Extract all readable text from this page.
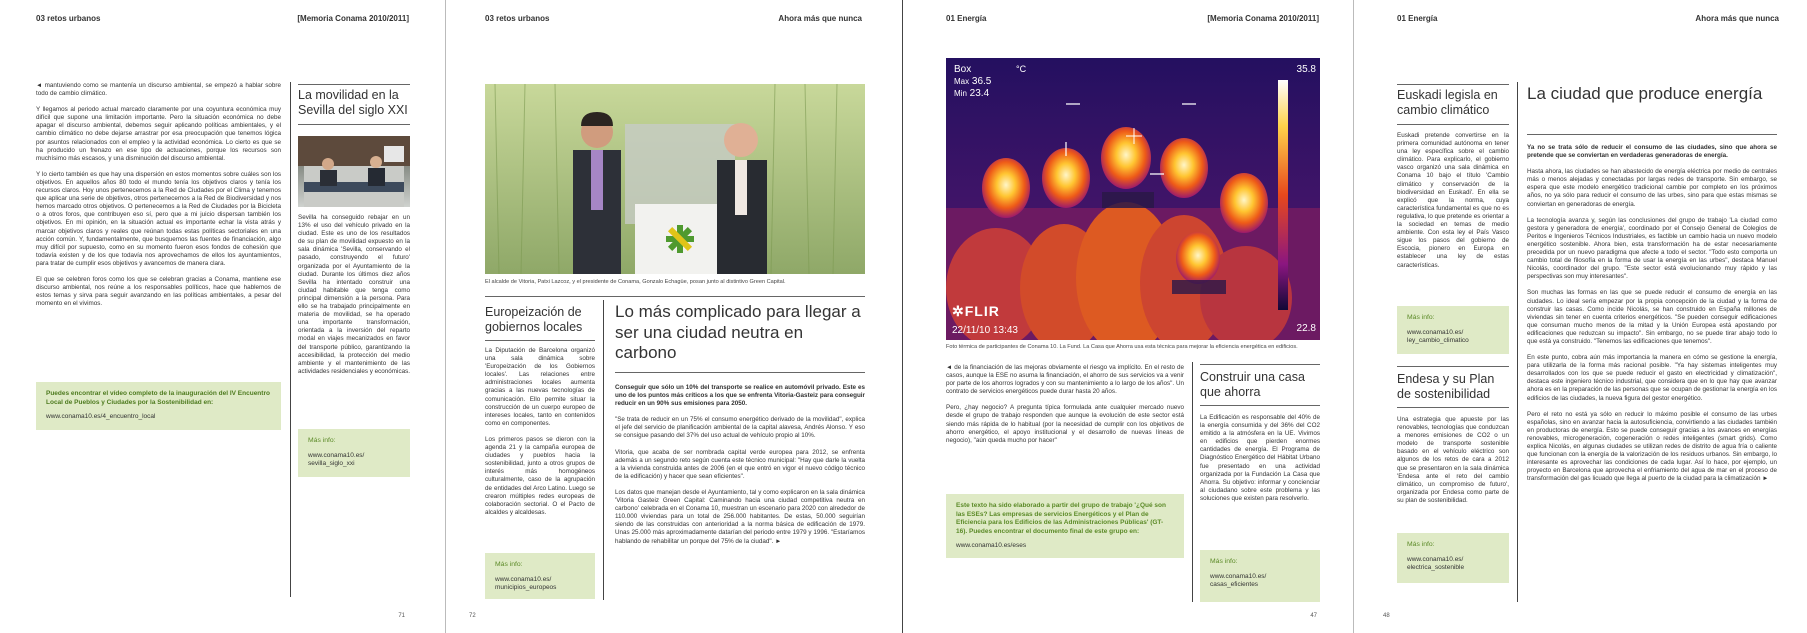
03 retos urbanos	[Memoria Conama 2010/2011]

◄ mantuviendo como se mantenía un discurso ambiental, se empezó a hablar sobre todo de cambio climático.

Y llegamos al periodo actual marcado claramente por una coyuntura económica muy difícil que supone una limitación importante. Pero la situación económica no debe apagar el discurso ambiental, debemos seguir aplicando políticas ambientales, y el cambio climático no debe dejarse arrastrar por esa preocupación que tenemos lógica por asuntos relacionados con el empleo y la actividad económica. Lo cierto es que se ha producido un frenazo en ese tipo de actuaciones, porque los recursos son muchísimo más escasos, y una disminución del discurso ambiental.

Y lo cierto también es que hay una dispersión en estos momentos sobre cuáles son los objetivos. En aquellos años 80 todo el mundo tenía los objetivos claros y tenía los recursos claros. Hoy unos pertenecemos a la Red de Ciudades por el Clima y tenemos que aplicar una serie de objetivos, otros pertenecemos a la Red de Biodiversidad y nos hemos marcado otros objetivos. O pertenecemos a la Red de Ciudades por la Bicicleta o a otros foros, que contribuyen eso sí, pero que a mi juicio dispersan también los objetivos. En mi opinión, en la situación actual es importante echar la vista atrás y marcar objetivos claros y reales que reúnan todas estas políticas sectoriales en una acción común. Y, fundamentalmente, que busquemos las fuentes de financiación, algo muy difícil por supuesto, como en su momento fueron esos fondos de cohesión que todavía existen y de los que todavía nos aprovechamos de ellos los ayuntamientos, para tratar de cumplir esos objetivos y avancemos de manera clara.

El que se celebren foros como los que se celebran gracias a Conama, mantiene ese discurso ambiental, nos reúne a los responsables políticos, hace que hablemos de estos temas y sirva para seguir avanzando en las políticas ambientales, a pesar del momento en el vivimos.

Puedes encontrar el vídeo completo de la inauguración del IV Encuentro Local de Pueblos y Ciudades por la Sostenibilidad en:
www.conama10.es/4_encuentro_local
La movilidad en la Sevilla del siglo XXI
Sevilla ha conseguido rebajar en un 13% el uso del vehículo privado en la ciudad. Este es uno de los resultados de su plan de movilidad expuesto en la sala dinámica 'Sevilla, conservando el pasado, construyendo el futuro' organizada por el Ayuntamiento de la ciudad. Durante los últimos diez años Sevilla ha intentado construir una ciudad habitable que tenga como principal dimensión a la persona. Para ello se ha trabajado principalmente en materia de movilidad, se ha operado una importante transformación, orientada a la inversión del reparto modal en viajes mecanizados en favor del transporte público, garantizando la accesibilidad, la protección del medio ambiente y el mantenimiento de las actividades residenciales y económicas.
Más info:
www.conama10.es/ sevilla_siglo_xxi
71
03 retos urbanos	Ahora más que nunca
El alcalde de Vitoria, Patxi Lazcoz, y el presidente de Conama, Gonzalo Echagüe, posan junto al distintivo Green Capital.
Europeización de gobiernos locales

La Diputación de Barcelona organizó una sala dinámica sobre 'Europeización de los Gobiernos locales'. Las relaciones entre administraciones locales aumenta gracias a las nuevas tecnologías de comunicación. Ello permite situar la construcción de un cuerpo europeo de intereses locales, tanto en contenidos como en componentes.

Los primeros pasos se dieron con la agenda 21 y la campaña europea de ciudades y pueblos hacia la sostenibilidad, junto a otros grupos de interés más homogéneos culturalmente, caso de la agrupación de entidades del Arco Latino. Luego se crearon múltiples redes europeas de colaboración sectorial. O el Pacto de alcaldes y alcaldesas.

Más info:
www.conama10.es/ municipios_europeos
Lo más complicado para llegar a ser una ciudad neutra en carbono

Conseguir que sólo un 10% del transporte se realice en automóvil privado. Este es uno de los puntos más críticos a los que se enfrenta Vitoria-Gasteiz para conseguir reducir en un 90% sus emisiones para 2050.

"Se trata de reducir en un 75% el consumo energético derivado de la movilidad", explica el jefe del servicio de planificación ambiental de la capital alavesa, Andrés Alonso. Y eso se consigue pasando del 37% del uso actual de vehículo propio al 10%.

Vitoria, que acaba de ser nombrada capital verde europea para 2012, se enfrenta además a un segundo reto según cuenta este técnico municipal: "Hay que darle la vuelta a la vivienda construida antes de 2006 (en el que entró en vigor el nuevo código técnico de la edificación) y hacer que sean eficientes".

Los datos que manejan desde el Ayuntamiento, tal y como explicaron en la sala dinámica 'Vitoria Gasteiz Green Capital: Caminando hacia una ciudad competitiva neutra en carbono' celebrada en el Conama 10, muestran un escenario para 2020 con alrededor de 110.000 viviendas para un total de 256.000 habitantes. De estas, 50.000 seguirían siendo de las construidas con anterioridad a la norma básica de edificación de 1979. Unas 25.000 más aproximadamente datarían del periodo entre 1979 y 1996. "Estaríamos hablando de rehabilitar un porque del 75% de la ciudad". ►

72
01 Energía	[Memoria Conama 2010/2011]
Box
Max 36.5
Min 23.4
°C	35.8
22.8
✲FLIR
22/11/10 13:43
Foto térmica de participantes de Conama 10. La Fund. La Casa que Ahorra usa esta técnica para mejorar la eficiencia energética en edificios.

◄ de la financiación de las mejoras obviamente el riesgo va implícito. En el resto de casos, aunque la ESE no asuma la financiación, el ahorro de sus servicios va a venir por parte de los ahorros logrados y con su mantenimiento a lo largo de los años". Un contrato de servicios energéticos puede durar hasta 20 años.

Pero, ¿hay negocio? A pregunta típica formulada ante cualquier mercado nuevo desde el grupo de trabajo responden que aunque la evolución de este sector está siendo más rápida de lo habitual (por la necesidad de cumplir con los objetivos de ahorro energético, el apoyo institucional y el desarrollo de nuevas líneas de negocio), "aún queda mucho por hacer"

Este texto ha sido elaborado a partir del grupo de trabajo '¿Qué son las ESEs? Las empresas de servicios Energéticos y el Plan de Eficiencia para los Edificios de las Administraciones Públicas' (GT-16). Puedes encontrar el documento final de este grupo en:
www.conama10.es/eses
Construir una casa que ahorra
La Edificación es responsable del 40% de la energía consumida y del 36% del CO2 emitido a la atmósfera en la UE. Vivimos en edificios que pierden enormes cantidades de energía. El Programa de Diagnóstico Energético del Hábitat Urbano fue presentado en una actividad organizada por la Fundación La Casa que Ahorra. Su objetivo: informar y concienciar al ciudadano sobre este problema y las soluciones que existen para resolverlo.
Más info:
www.conama10.es/ casas_eficientes
47
01 Energía	Ahora más que nunca
Euskadi legisla en cambio climático
Euskadi pretende convertirse en la primera comunidad autónoma en tener una ley específica sobre el cambio climático. Para explicarlo, el gobierno vasco organizó una sala dinámica en Conama 10 bajo el título 'Cambio climático y conservación de la biodiversidad en Euskadi'. En ella se explicó que la norma, cuya característica fundamental es que no es regulativa, lo que pretende es orientar a la sociedad en temas de medio ambiente. Con esta ley el País Vasco sigue los pasos del gobierno de Escocia, pionero en Europa en establecer una ley de estas características.
Más info:
www.conama10.es/ ley_cambio_climatico
Endesa y su Plan de sostenibilidad
Una estrategia que apueste por las renovables, tecnologías que conduzcan a menores emisiones de CO2 o un modelo de transporte sostenible basado en el vehículo eléctrico son algunos de los retos de cara a 2012 que se presentaron en la sala dinámica 'Endesa ante el reto del cambio climático, un compromiso de futuro', organizada por Endesa como parte de su plan de sostenibilidad.
Más info:
www.conama10.es/ electrica_sostenible
La ciudad que produce energía

Ya no se trata sólo de reducir el consumo de las ciudades, sino que ahora se pretende que se conviertan en verdaderas generadoras de energía.

Hasta ahora, las ciudades se han abastecido de energía eléctrica por medio de centrales más o menos alejadas y conectadas por largas redes de transporte. Sin embargo, se espera que este modelo energético tradicional cambie por completo en los próximos años, no ya sólo para reducir el consumo de las urbes, sino para que estas mismas se conviertan en generadoras de energía.

La tecnología avanza y, según las conclusiones del grupo de trabajo 'La ciudad como gestora y generadora de energía', coordinado por el Consejo General de Colegios de Peritos e Ingenieros Técnicos Industriales, es factible un cambio hacia un nuevo modelo energético sostenible. Ahora bien, esta transformación ha de estar necesariamente precedida por un nuevo paradigma que afecte a todo el sector. "Todo esto comporta un cambio total de filosofía en la forma de usar la energía en las urbes", destaca Manuel Nicolás, coordinador del grupo. "Este sector está evolucionando muy rápido y las perspectivas son muy interesantes".

Son muchas las formas en las que se puede reducir el consumo de energía en las ciudades. Lo ideal sería empezar por la propia concepción de la ciudad y la forma de construir las casas. Como incide Nicolás, se han construido en España millones de viviendas sin tener en cuenta criterios energéticos. "Se pueden conseguir edificaciones que consuman mucho menos de la mitad y la Unión Europea está apostando por edificaciones que reduzcan su impacto". Sin embargo, no se puede tirar abajo todo lo que está ya construido. "Tenemos las edificaciones que tenemos".

En este punto, cobra aún más importancia la manera en cómo se gestione la energía, para utilizarla de la forma más racional posible. "Ya hay sistemas inteligentes muy desarrollados con los que se puede reducir el gasto en electricidad y climatización", destaca este ingeniero técnico industrial, que considera que en lo que hay que avanzar ahora es en la preparación de las personas que se ocupan de gestionar la energía en los edificios de las ciudades, la nueva figura del gestor energético.

Pero el reto no está ya sólo en reducir lo máximo posible el consumo de las urbes españolas, sino en avanzar hacia la autosuficiencia, convirtiendo a las ciudades también en productoras de energía. Esto se puede conseguir gracias a los avances en energías renovables, microgeneración, cogeneración o redes inteligentes (smart grids). Como explica Nicolás, en algunas ciudades se utilizan redes de distrito de agua fría o caliente que funcionan con la energía de la valorización de los residuos urbanos. Sin embargo, lo interesante es aprovechar las condiciones de cada lugar. Así lo hace, por ejemplo, un proyecto en Barcelona que aprovecha el enfriamiento del agua de mar en el proceso de transformación del gas licuado que llega al puerto de la ciudad para la climatización ►

48
